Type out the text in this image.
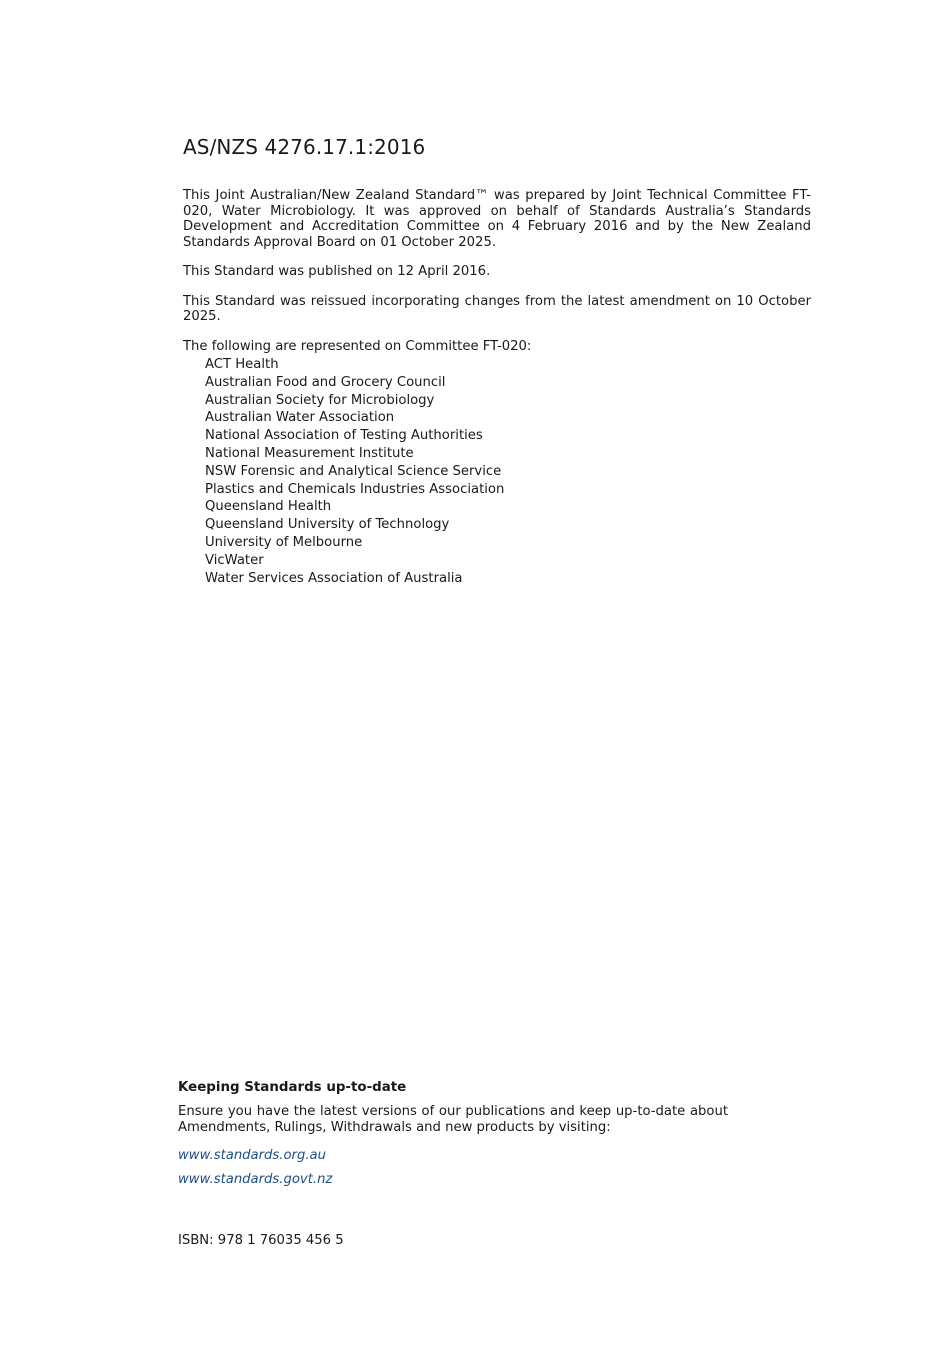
AS/NZS 4276.17.1:2016

This Joint Australian/New Zealand Standard™ was prepared by Joint Technical Committee FT-020, Water Microbiology. It was approved on behalf of Standards Australia’s Standards Development and Accreditation Committee on 4 February 2016 and by the New Zealand Standards Approval Board on 01 October 2025.

This Standard was published on 12 April 2016.

This Standard was reissued incorporating changes from the latest amendment on 10 October 2025.

The following are represented on Committee FT-020:

ACT Health
Australian Food and Grocery Council
Australian Society for Microbiology
Australian Water Association
National Association of Testing Authorities
National Measurement Institute
NSW Forensic and Analytical Science Service
Plastics and Chemicals Industries Association
Queensland Health
Queensland University of Technology
University of Melbourne
VicWater
Water Services Association of Australia

Keeping Standards up-to-date

Ensure you have the latest versions of our publications and keep up-to-date about Amendments, Rulings, Withdrawals and new products by visiting:

www.standards.org.au
www.standards.govt.nz
ISBN: 978 1 76035 456 5
